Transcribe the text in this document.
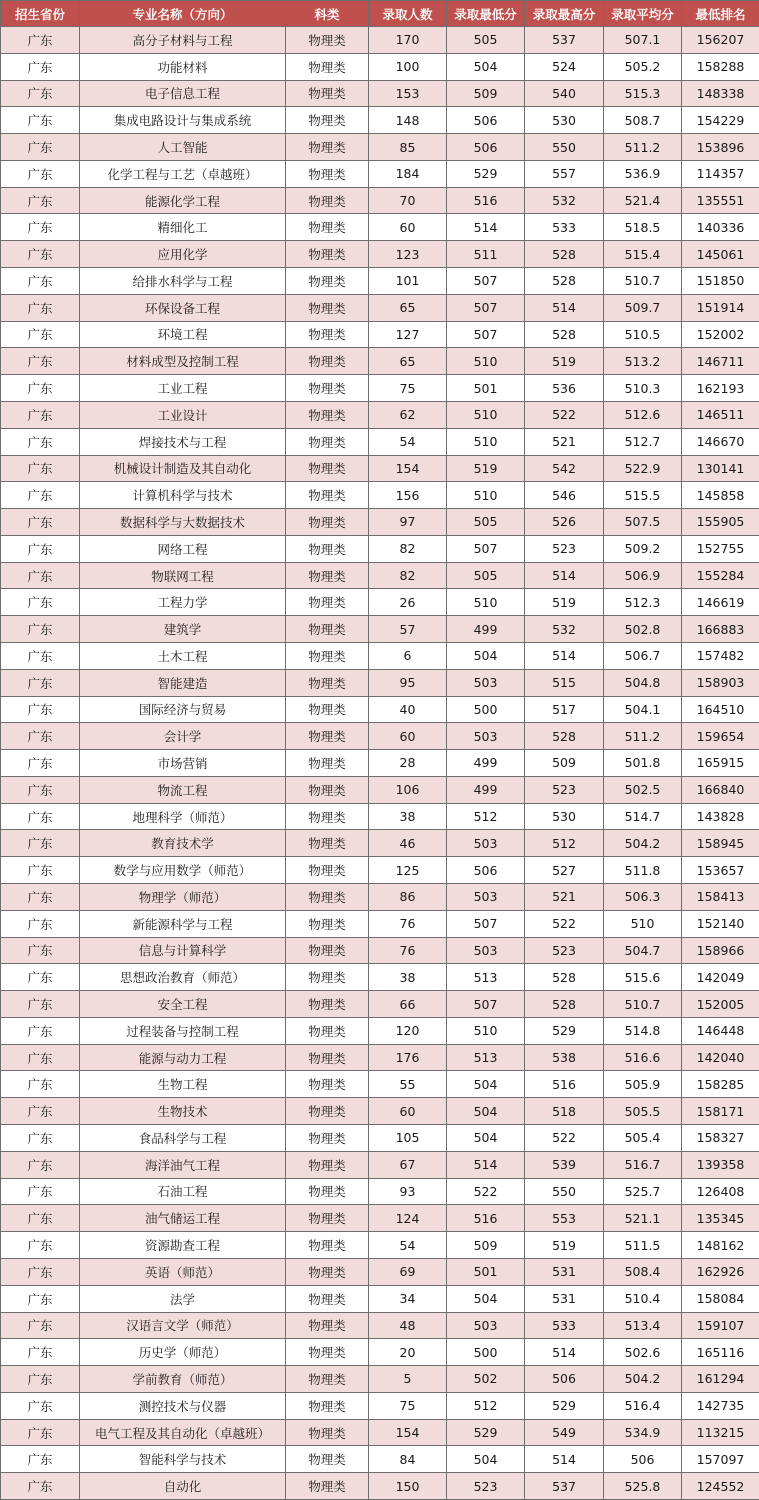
招生省份	专业名称（方向）	科类	录取人数	录取最低分	录取最高分	录取平均分	最低排名
广东	高分子材料与工程	物理类	170	505	537	507.1	156207
广东	功能材料	物理类	100	504	524	505.2	158288
广东	电子信息工程	物理类	153	509	540	515.3	148338
广东	集成电路设计与集成系统	物理类	148	506	530	508.7	154229
广东	人工智能	物理类	85	506	550	511.2	153896
广东	化学工程与工艺（卓越班）	物理类	184	529	557	536.9	114357
广东	能源化学工程	物理类	70	516	532	521.4	135551
广东	精细化工	物理类	60	514	533	518.5	140336
广东	应用化学	物理类	123	511	528	515.4	145061
广东	给排水科学与工程	物理类	101	507	528	510.7	151850
广东	环保设备工程	物理类	65	507	514	509.7	151914
广东	环境工程	物理类	127	507	528	510.5	152002
广东	材料成型及控制工程	物理类	65	510	519	513.2	146711
广东	工业工程	物理类	75	501	536	510.3	162193
广东	工业设计	物理类	62	510	522	512.6	146511
广东	焊接技术与工程	物理类	54	510	521	512.7	146670
广东	机械设计制造及其自动化	物理类	154	519	542	522.9	130141
广东	计算机科学与技术	物理类	156	510	546	515.5	145858
广东	数据科学与大数据技术	物理类	97	505	526	507.5	155905
广东	网络工程	物理类	82	507	523	509.2	152755
广东	物联网工程	物理类	82	505	514	506.9	155284
广东	工程力学	物理类	26	510	519	512.3	146619
广东	建筑学	物理类	57	499	532	502.8	166883
广东	土木工程	物理类	6	504	514	506.7	157482
广东	智能建造	物理类	95	503	515	504.8	158903
广东	国际经济与贸易	物理类	40	500	517	504.1	164510
广东	会计学	物理类	60	503	528	511.2	159654
广东	市场营销	物理类	28	499	509	501.8	165915
广东	物流工程	物理类	106	499	523	502.5	166840
广东	地理科学（师范）	物理类	38	512	530	514.7	143828
广东	教育技术学	物理类	46	503	512	504.2	158945
广东	数学与应用数学（师范）	物理类	125	506	527	511.8	153657
广东	物理学（师范）	物理类	86	503	521	506.3	158413
广东	新能源科学与工程	物理类	76	507	522	510	152140
广东	信息与计算科学	物理类	76	503	523	504.7	158966
广东	思想政治教育（师范）	物理类	38	513	528	515.6	142049
广东	安全工程	物理类	66	507	528	510.7	152005
广东	过程装备与控制工程	物理类	120	510	529	514.8	146448
广东	能源与动力工程	物理类	176	513	538	516.6	142040
广东	生物工程	物理类	55	504	516	505.9	158285
广东	生物技术	物理类	60	504	518	505.5	158171
广东	食品科学与工程	物理类	105	504	522	505.4	158327
广东	海洋油气工程	物理类	67	514	539	516.7	139358
广东	石油工程	物理类	93	522	550	525.7	126408
广东	油气储运工程	物理类	124	516	553	521.1	135345
广东	资源勘查工程	物理类	54	509	519	511.5	148162
广东	英语（师范）	物理类	69	501	531	508.4	162926
广东	法学	物理类	34	504	531	510.4	158084
广东	汉语言文学（师范）	物理类	48	503	533	513.4	159107
广东	历史学（师范）	物理类	20	500	514	502.6	165116
广东	学前教育（师范）	物理类	5	502	506	504.2	161294
广东	测控技术与仪器	物理类	75	512	529	516.4	142735
广东	电气工程及其自动化（卓越班）	物理类	154	529	549	534.9	113215
广东	智能科学与技术	物理类	84	504	514	506	157097
广东	自动化	物理类	150	523	537	525.8	124552
